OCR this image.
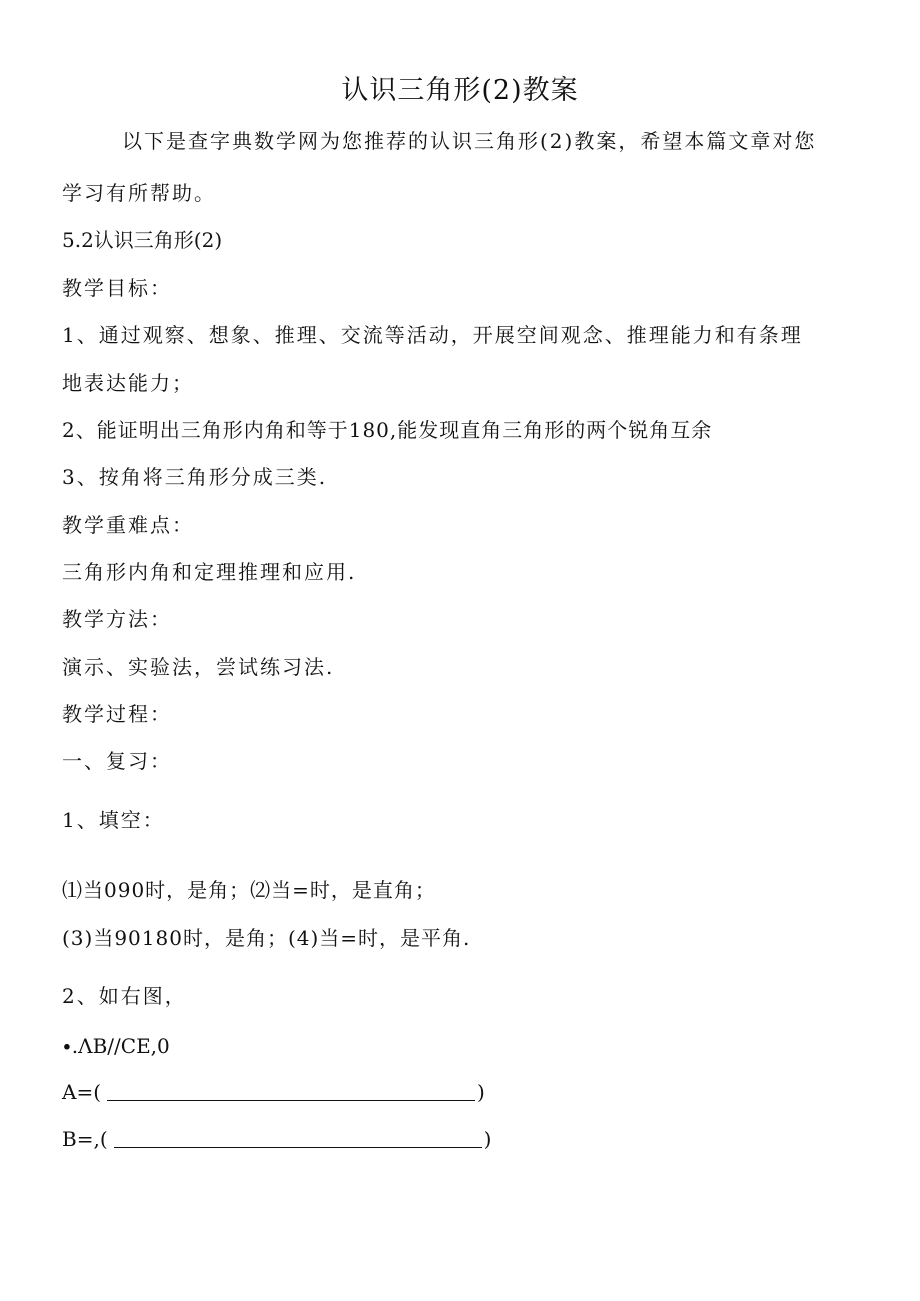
认识三角形(2)教案
以下是查字典数学网为您推荐的认识三角形(2)教案，希望本篇文章对您
学习有所帮助。
5.2认识三角形(2)
教学目标：
1、通过观察、想象、推理、交流等活动，开展空间观念、推理能力和有条理
地表达能力；
2、能证明出三角形内角和等于180,能发现直角三角形的两个锐角互余
3、按角将三角形分成三类.
教学重难点：
三角形内角和定理推理和应用.
教学方法：
演示、实验法，尝试练习法.
教学过程：
一、复习：
1、填空：
⑴当090时，是角；⑵当=时，是直角；
(3)当90180时，是角；(4)当=时，是平角.
2、如右图，
∙.ΛB∕∕CE,0
A=(	)
B=,(	)
